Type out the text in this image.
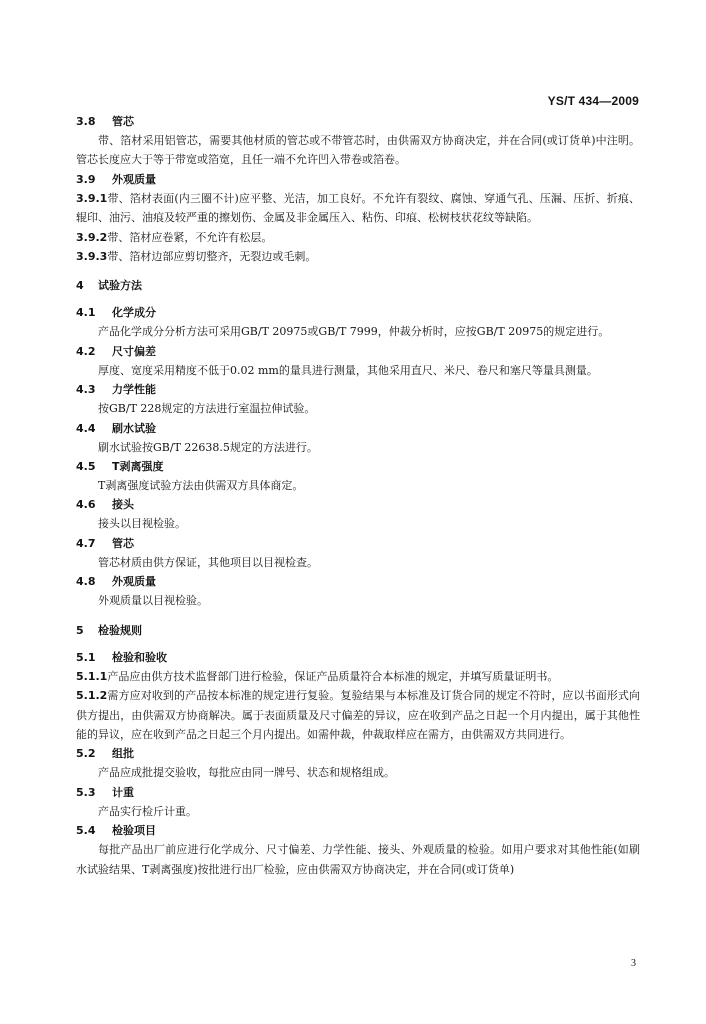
YS/T 434—2009
3.8 管芯

带、箔材采用铝管芯，需要其他材质的管芯或不带管芯时，由供需双方协商决定，并在合同(或订货单)中注明。管芯长度应大于等于带宽或箔宽，且任一端不允许凹入带卷或箔卷。

3.9 外观质量

3.9.1带、箔材表面(内三圈不计)应平整、光洁，加工良好。不允许有裂纹、腐蚀、穿通气孔、压漏、压折、折痕、辊印、油污、油痕及较严重的擦划伤、金属及非金属压入、粘伤、印痕、松树枝状花纹等缺陷。

3.9.2带、箔材应卷紧，不允许有松层。

3.9.3带、箔材边部应剪切整齐，无裂边或毛刺。

4 试验方法
4.1 化学成分

产品化学成分分析方法可采用GB/T 20975或GB/T 7999，仲裁分析时，应按GB/T 20975的规定进行。

4.2 尺寸偏差

厚度、宽度采用精度不低于0.02 mm的量具进行测量，其他采用直尺、米尺、卷尺和塞尺等量具测量。

4.3 力学性能

按GB/T 228规定的方法进行室温拉伸试验。

4.4 刷水试验

刷水试验按GB/T 22638.5规定的方法进行。

4.5 T剥离强度

T剥离强度试验方法由供需双方具体商定。

4.6 接头

接头以目视检验。

4.7 管芯

管芯材质由供方保证，其他项目以目视检查。

4.8 外观质量

外观质量以目视检验。

5 检验规则
5.1 检验和验收

5.1.1产品应由供方技术监督部门进行检验，保证产品质量符合本标准的规定，并填写质量证明书。

5.1.2需方应对收到的产品按本标准的规定进行复验。复验结果与本标准及订货合同的规定不符时，应以书面形式向供方提出，由供需双方协商解决。属于表面质量及尺寸偏差的异议，应在收到产品之日起一个月内提出，属于其他性能的异议，应在收到产品之日起三个月内提出。如需仲裁，仲裁取样应在需方，由供需双方共同进行。

5.2 组批

产品应成批提交验收，每批应由同一牌号、状态和规格组成。

5.3 计重

产品实行检斤计重。

5.4 检验项目

每批产品出厂前应进行化学成分、尺寸偏差、力学性能、接头、外观质量的检验。如用户要求对其他性能(如刷水试验结果、T剥离强度)按批进行出厂检验，应由供需双方协商决定，并在合同(或订货单)

3
